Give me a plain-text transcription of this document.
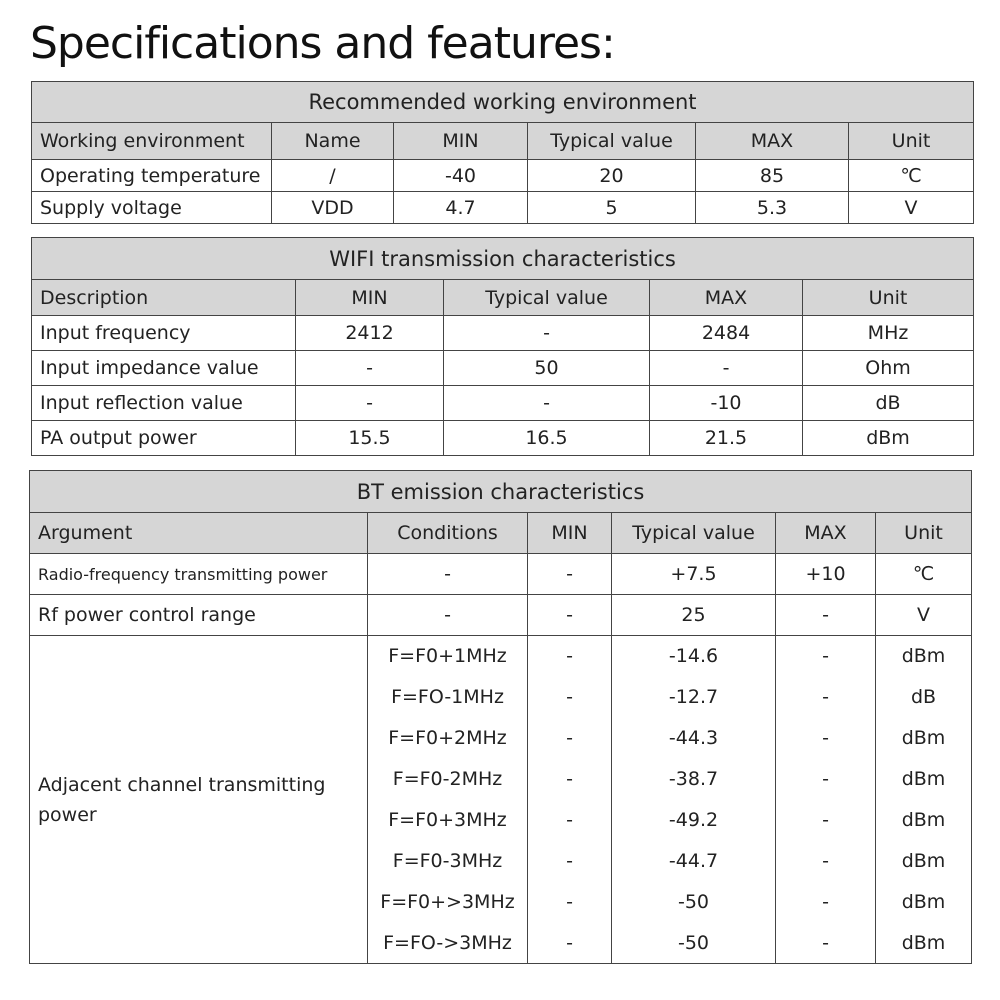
Specifications and features:
Recommended working environment					
Working environment	Name	MIN	Typical value	MAX	Unit
Operating temperature	/	-40	20	85	℃
Supply voltage	VDD	4.7	5	5.3	V
WIFI transmission characteristics				
Description	MIN	Typical value	MAX	Unit
Input frequency	2412	-	2484	MHz
Input impedance value	-	50	-	Ohm
Input reflection value	-	-	-10	dB
PA output power	15.5	16.5	21.5	dBm
BT emission characteristics					
Argument	Conditions	MIN	Typical value	MAX	Unit
Radio-frequency transmitting power	-	-	+7.5	+10	℃
Rf power control range	-	-	25	-	V
Adjacent channel transmitting power	F=F0+1MHz	-	-14.6	-	dBm
	F=FO-1MHz	-	-12.7	-	dB
	F=F0+2MHz	-	-44.3	-	dBm
	F=F0-2MHz	-	-38.7	-	dBm
	F=F0+3MHz	-	-49.2	-	dBm
	F=F0-3MHz	-	-44.7	-	dBm
	F=F0+>3MHz	-	-50	-	dBm
	F=FO->3MHz	-	-50	-	dBm
